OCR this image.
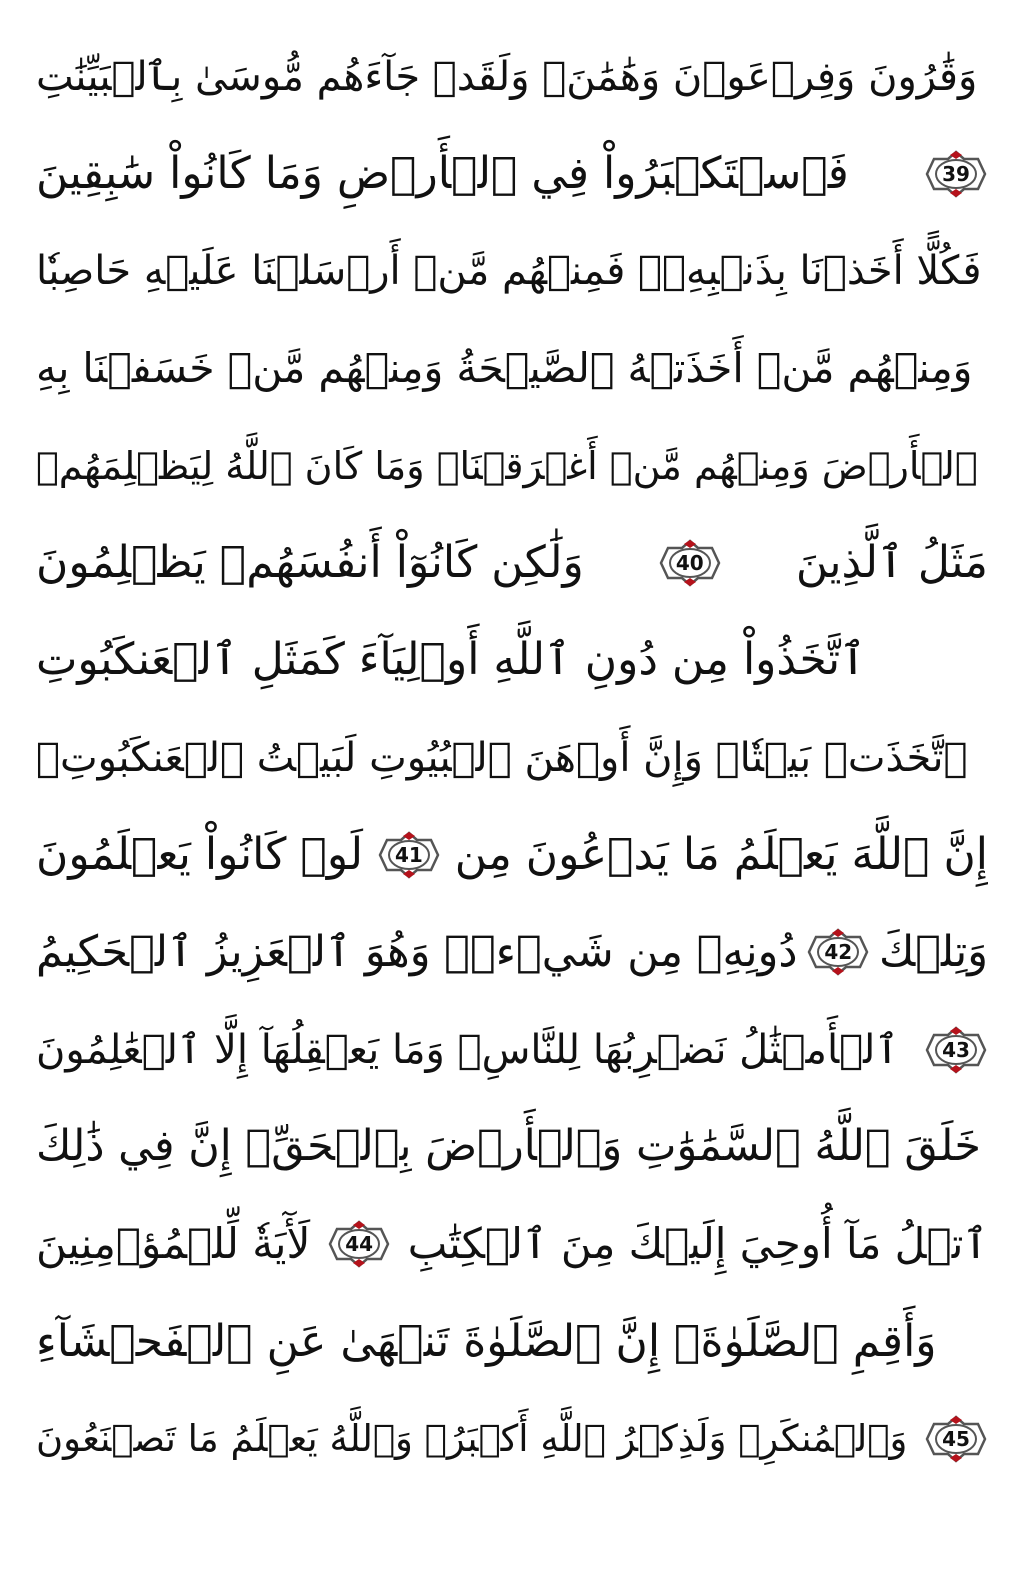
وَقَٰرُونَ وَفِرۡعَوۡنَ وَهَٰمَٰنَۖ وَلَقَدۡ جَآءَهُم مُّوسَىٰ بِٱلۡبَيِّنَٰتِ
فَٱسۡتَكۡبَرُواْ فِي ٱلۡأَرۡضِ وَمَا كَانُواْ سَٰبِقِينَ	39
فَكُلًّا أَخَذۡنَا بِذَنۢبِهِۦۖ فَمِنۡهُم مَّنۡ أَرۡسَلۡنَا عَلَيۡهِ حَاصِبٗا
وَمِنۡهُم مَّنۡ أَخَذَتۡهُ ٱلصَّيۡحَةُ وَمِنۡهُم مَّنۡ خَسَفۡنَا بِهِ
ٱلۡأَرۡضَ وَمِنۡهُم مَّنۡ أَغۡرَقۡنَاۚ وَمَا كَانَ ٱللَّهُ لِيَظۡلِمَهُمۡ
وَلَٰكِن كَانُوٓاْ أَنفُسَهُمۡ يَظۡلِمُونَ	40 مَثَلُ ٱلَّذِينَ
ٱتَّخَذُواْ مِن دُونِ ٱللَّهِ أَوۡلِيَآءَ كَمَثَلِ ٱلۡعَنكَبُوتِ
ٱتَّخَذَتۡ بَيۡتٗاۖ وَإِنَّ أَوۡهَنَ ٱلۡبُيُوتِ لَبَيۡتُ ٱلۡعَنكَبُوتِۚ
لَوۡ كَانُواْ يَعۡلَمُونَ 41 إِنَّ ٱللَّهَ يَعۡلَمُ مَا يَدۡعُونَ مِن
دُونِهِۦ مِن شَيۡءٖۚ وَهُوَ ٱلۡعَزِيزُ ٱلۡحَكِيمُ 42 وَتِلۡكَ
ٱلۡأَمۡثَٰلُ نَضۡرِبُهَا لِلنَّاسِۖ وَمَا يَعۡقِلُهَآ إِلَّا ٱلۡعَٰلِمُونَ 43
خَلَقَ ٱللَّهُ ٱلسَّمَٰوَٰتِ وَٱلۡأَرۡضَ بِٱلۡحَقِّۚ إِنَّ فِي ذَٰلِكَ
لَأٓيَةٗ لِّلۡمُؤۡمِنِينَ 44 ٱتۡلُ مَآ أُوحِيَ إِلَيۡكَ مِنَ ٱلۡكِتَٰبِ
وَأَقِمِ ٱلصَّلَوٰةَۖ إِنَّ ٱلصَّلَوٰةَ تَنۡهَىٰ عَنِ ٱلۡفَحۡشَآءِ
وَٱلۡمُنكَرِۗ وَلَذِكۡرُ ٱللَّهِ أَكۡبَرُۗ وَٱللَّهُ يَعۡلَمُ مَا تَصۡنَعُونَ 45
